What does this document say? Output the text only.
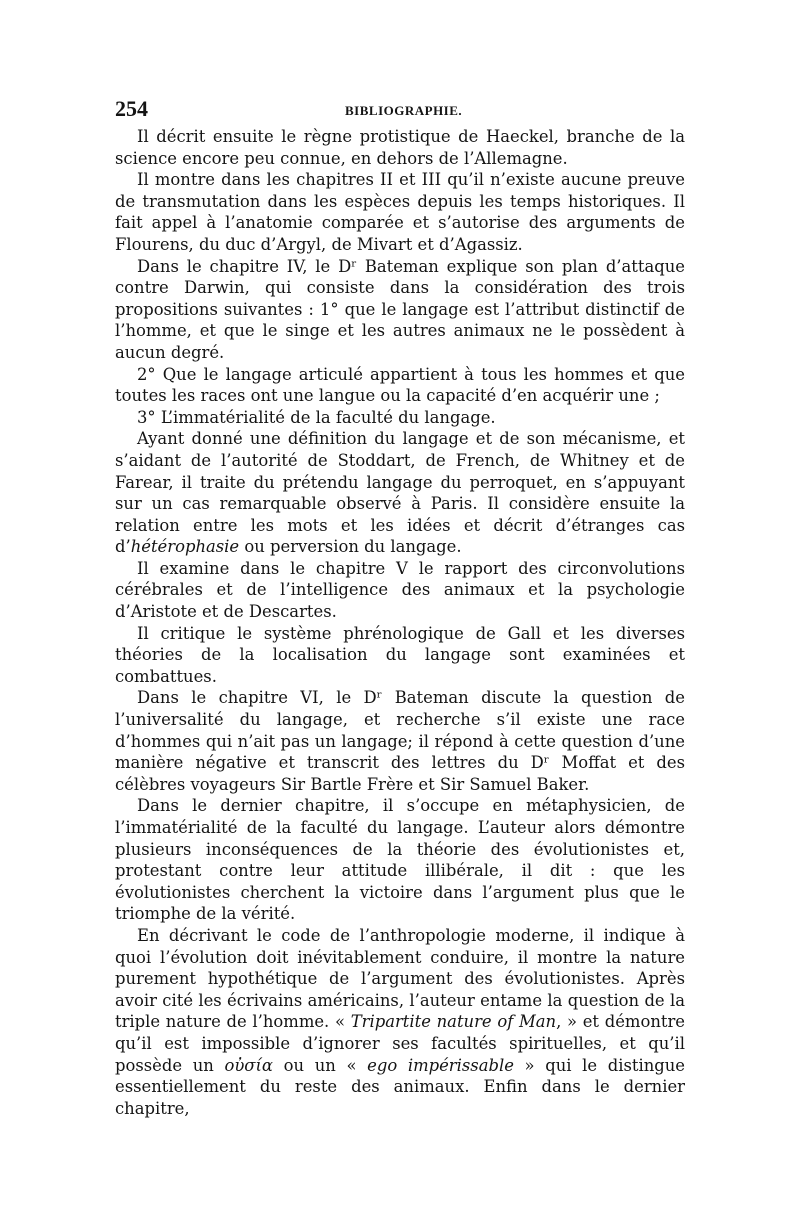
254	BIBLIOGRAPHIE.

Il décrit ensuite le règne protistique de Haeckel, branche de la science encore peu connue, en dehors de l’Allemagne.

Il montre dans les chapitres II et III qu’il n’existe aucune preuve de transmutation dans les espèces depuis les temps historiques. Il fait appel à l’anatomie comparée et s’autorise des arguments de Flourens, du duc d’Argyl, de Mivart et d’Agassiz.

Dans le chapitre IV, le Dʳ Bateman explique son plan d’attaque contre Darwin, qui consiste dans la considération des trois propositions suivantes : 1° que le langage est l’attribut distinctif de l’homme, et que le singe et les autres animaux ne le possèdent à aucun degré.

2° Que le langage articulé appartient à tous les hommes et que toutes les races ont une langue ou la capacité d’en acquérir une ;

3° L’immatérialité de la faculté du langage.

Ayant donné une définition du langage et de son mécanisme, et s’aidant de l’autorité de Stoddart, de French, de Whitney et de Farear, il traite du prétendu langage du perroquet, en s’appuyant sur un cas remarquable observé à Paris. Il considère ensuite la relation entre les mots et les idées et décrit d’étranges cas d’hétérophasie ou perversion du langage.

Il examine dans le chapitre V le rapport des circonvolutions cérébrales et de l’intelligence des animaux et la psychologie d’Aristote et de Descartes.

Il critique le système phrénologique de Gall et les diverses théories de la localisation du langage sont examinées et combattues.

Dans le chapitre VI, le Dʳ Bateman discute la question de l’universalité du langage, et recherche s’il existe une race d’hommes qui n’ait pas un langage; il répond à cette question d’une manière négative et transcrit des lettres du Dʳ Moffat et des célèbres voyageurs Sir Bartle Frère et Sir Samuel Baker.

Dans le dernier chapitre, il s’occupe en métaphysicien, de l’immatérialité de la faculté du langage. L’auteur alors démontre plusieurs inconséquences de la théorie des évolutionistes et, protestant contre leur attitude illibérale, il dit : que les évolutionistes cherchent la victoire dans l’argument plus que le triomphe de la vérité.

En décrivant le code de l’anthropologie moderne, il indique à quoi l’évolution doit inévitablement conduire, il montre la nature purement hypothétique de l’argument des évolutionistes. Après avoir cité les écrivains américains, l’auteur entame la question de la triple nature de l’homme. « Tripartite nature of Man, » et démontre qu’il est impossible d’ignorer ses facultés spirituelles, et qu’il possède un οὐσία ou un « ego impérissable » qui le distingue essentiellement du reste des animaux. Enfin dans le dernier chapitre,
